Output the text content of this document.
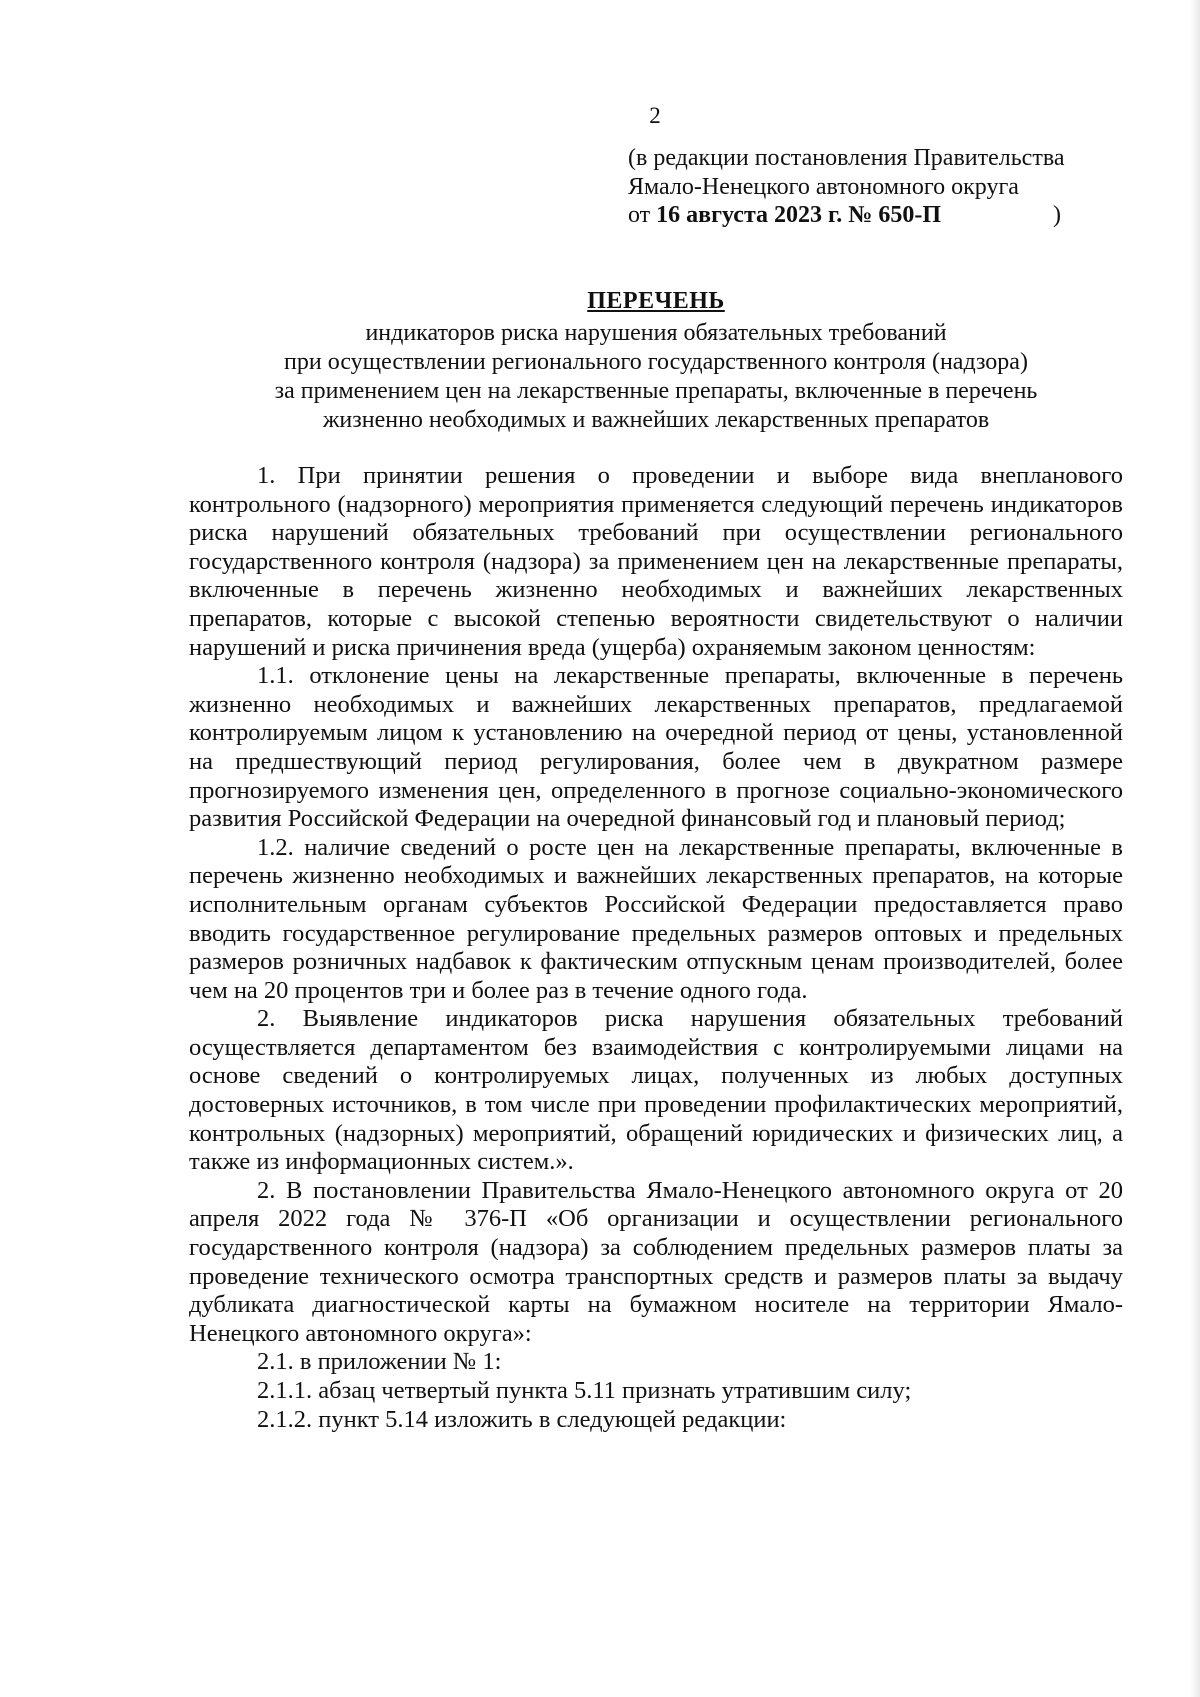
2
(в редакции постановления Правительства
Ямало-Ненецкого автономного округа
от 16 августа 2023 г. № 650-П	)
ПЕРЕЧЕНЬ
индикаторов риска нарушения обязательных требований
при осуществлении регионального государственного контроля (надзора)
за применением цен на лекарственные препараты, включенные в перечень
жизненно необходимых и важнейших лекарственных препаратов

1. При принятии решения о проведении и выборе вида внепланового контрольного (надзорного) мероприятия применяется следующий перечень индикаторов риска нарушений обязательных требований при осуществлении регионального государственного контроля (надзора) за применением цен на лекарственные препараты, включенные в перечень жизненно необходимых и важнейших лекарственных препаратов, которые с высокой степенью вероятности свидетельствуют о наличии нарушений и риска причинения вреда (ущерба) охраняемым законом ценностям:

1.1. отклонение цены на лекарственные препараты, включенные в перечень жизненно необходимых и важнейших лекарственных препаратов, предлагаемой контролируемым лицом к установлению на очередной период от цены, установленной на предшествующий период регулирования, более чем в двукратном размере прогнозируемого изменения цен, определенного в прогнозе социально-экономического развития Российской Федерации на очередной финансовый год и плановый период;

1.2. наличие сведений о росте цен на лекарственные препараты, включенные в перечень жизненно необходимых и важнейших лекарственных препаратов, на которые исполнительным органам субъектов Российской Федерации предоставляется право вводить государственное регулирование предельных размеров оптовых и предельных размеров розничных надбавок к фактическим отпускным ценам производителей, более чем на 20 процентов три и более раз в течение одного года.

2. Выявление индикаторов риска нарушения обязательных требований осуществляется департаментом без взаимодействия с контролируемыми лицами на основе сведений о контролируемых лицах, полученных из любых доступных достоверных источников, в том числе при проведении профилактических мероприятий, контрольных (надзорных) мероприятий, обращений юридических и физических лиц, а также из информационных систем.».

2. В постановлении Правительства Ямало-Ненецкого автономного округа от 20 апреля 2022 года № 376-П «Об организации и осуществлении регионального государственного контроля (надзора) за соблюдением предельных размеров платы за проведение технического осмотра транспортных средств и размеров платы за выдачу дубликата диагностической карты на бумажном носителе на территории Ямало-Ненецкого автономного округа»:

2.1. в приложении № 1:

2.1.1. абзац четвертый пункта 5.11 признать утратившим силу;

2.1.2. пункт 5.14 изложить в следующей редакции:
